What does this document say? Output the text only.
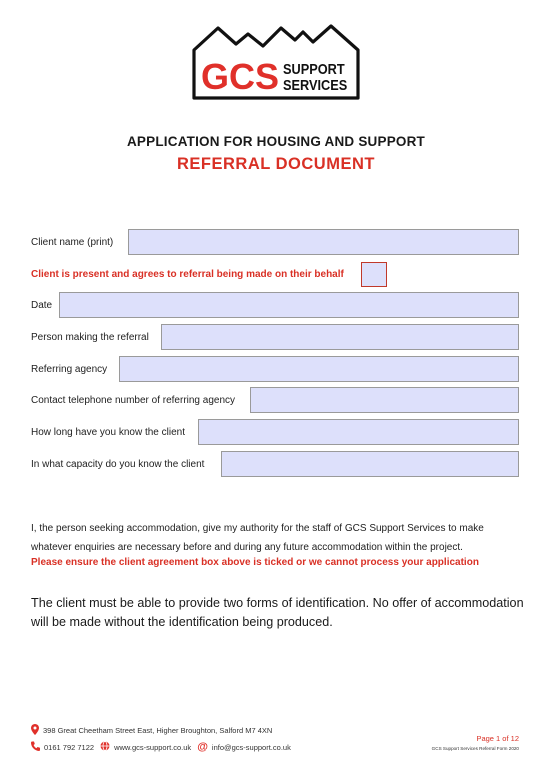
GCS SUPPORT
SERVICES
APPLICATION FOR HOUSING AND SUPPORT
REFERRAL DOCUMENT
Client name (print)
Client is present and agrees to referral being made on their behalf
Date
Person making the referral
Referring agency
Contact telephone number of referring agency
How long have you know the client
In what capacity do you know the client
I, the person seeking accommodation, give my authority for the staff of GCS Support Services to make whatever enquiries are necessary before and during any future accommodation within the project.
Please ensure the client agreement box above is ticked or we cannot process your application
The client must be able to provide two forms of identification. No offer of accommodation will be made without the identification being produced.
398 Great Cheetham Street East, Higher Broughton, Salford M7 4XN
0161 792 7122	www.gcs-support.co.uk @ info@gcs-support.co.uk
Page 1 of 12
GCS Support Services Referral Form 2020
